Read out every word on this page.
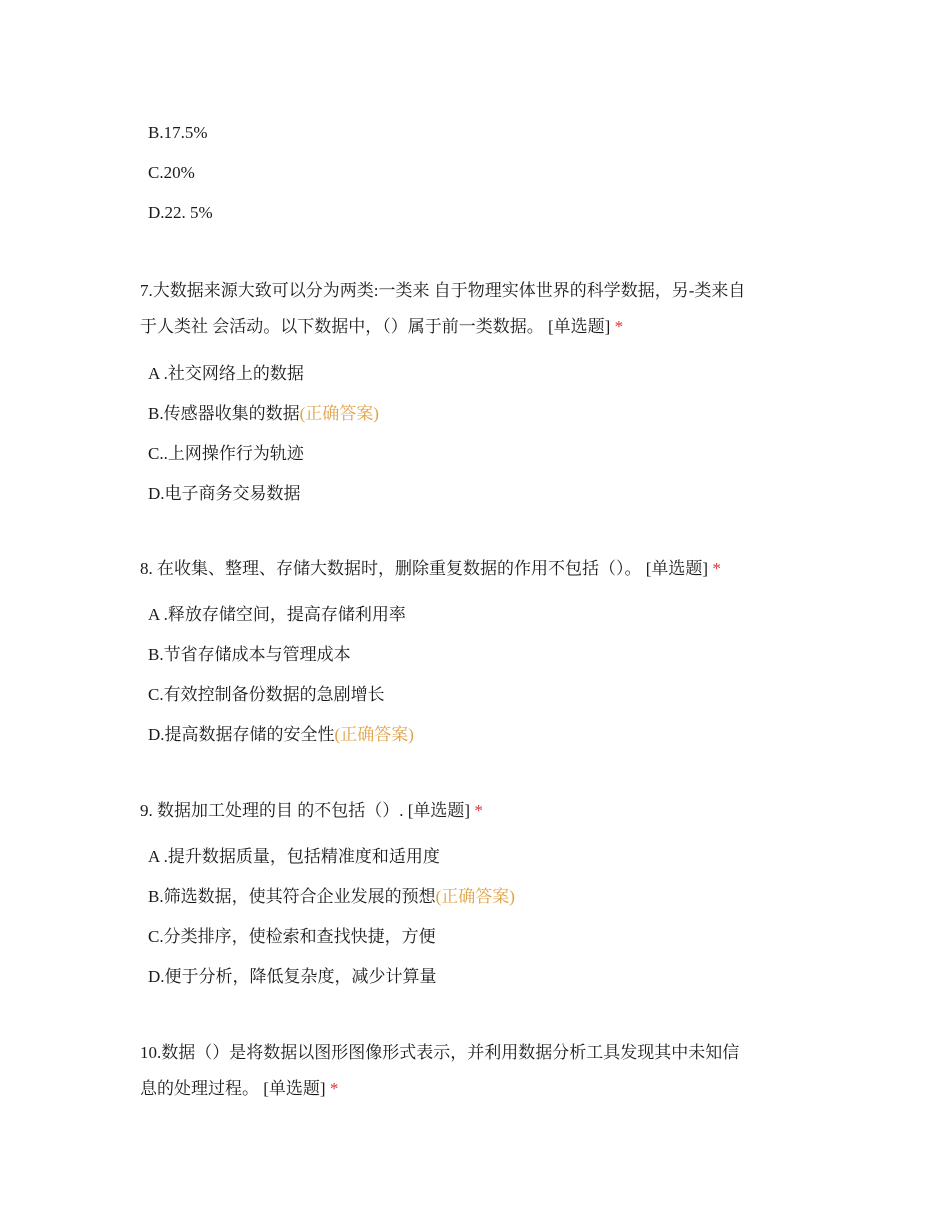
B.17.5%
C.20%
D.22. 5%
7.大数据来源大致可以分为两类:一类来 自于物理实体世界的科学数据，另-类来自
于人类社 会活动。以下数据中，（）属于前一类数据。 [单选题] *
A .社交网络上的数据
B.传感器收集的数据(正确答案)
C..上网操作行为轨迹
D.电子商务交易数据
8. 在收集、整理、存储大数据时，删除重复数据的作用不包括（）。 [单选题] *
A .释放存储空间，提高存储利用率
B.节省存储成本与管理成本
C.有效控制备份数据的急剧增长
D.提高数据存储的安全性(正确答案)
9. 数据加工处理的目 的不包括（）. [单选题] *
A .提升数据质量，包括精准度和适用度
B.筛选数据，使其符合企业发展的预想(正确答案)
C.分类排序，使检索和查找快捷，方便
D.便于分析，降低复杂度，减少计算量
10.数据（）是将数据以图形图像形式表示，并利用数据分析工具发现其中未知信
息的处理过程。 [单选题] *
